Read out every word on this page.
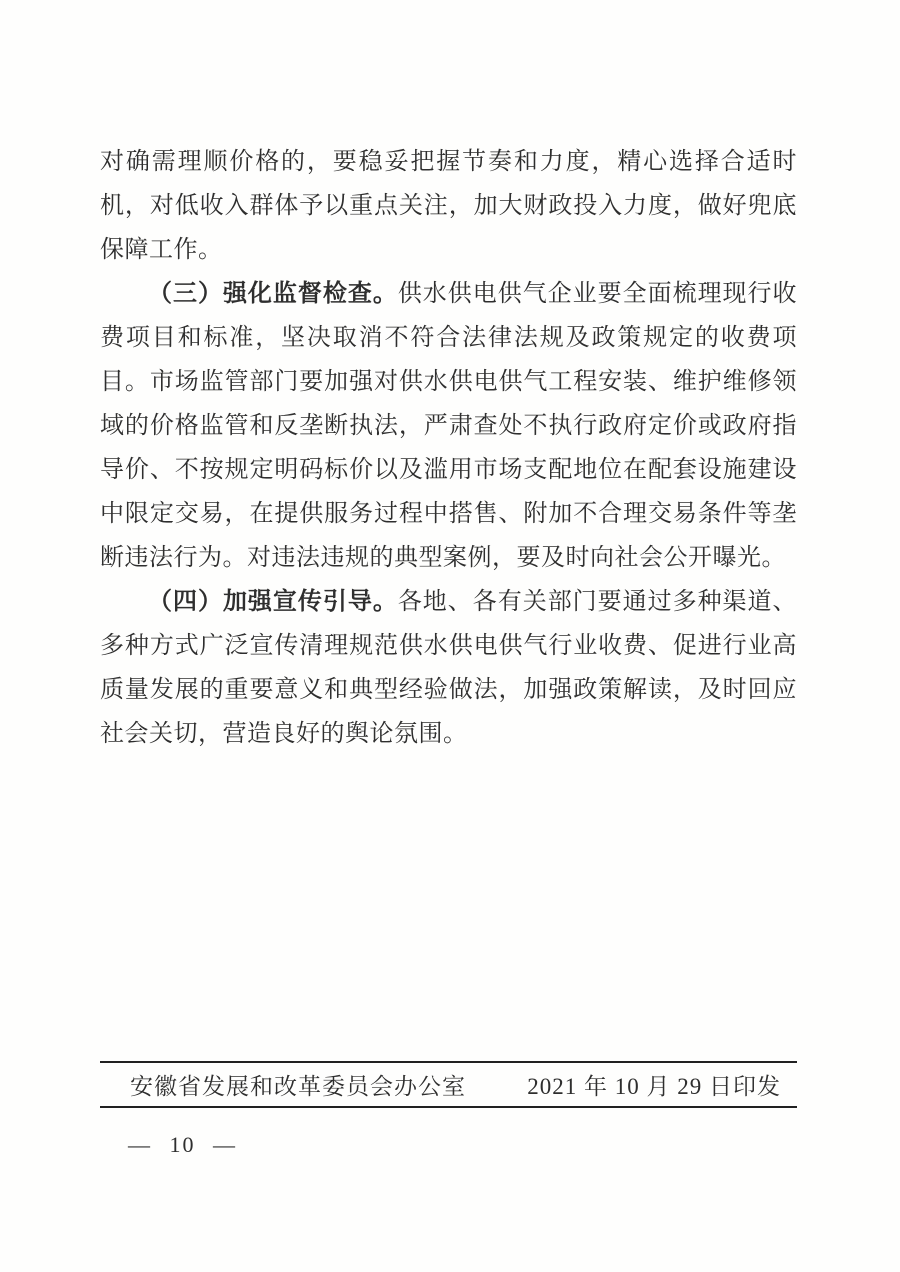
对确需理顺价格的，要稳妥把握节奏和力度，精心选择合适时机，对低收入群体予以重点关注，加大财政投入力度，做好兜底保障工作。

（三）强化监督检查。供水供电供气企业要全面梳理现行收费项目和标准，坚决取消不符合法律法规及政策规定的收费项目。市场监管部门要加强对供水供电供气工程安装、维护维修领域的价格监管和反垄断执法，严肃查处不执行政府定价或政府指导价、不按规定明码标价以及滥用市场支配地位在配套设施建设中限定交易，在提供服务过程中搭售、附加不合理交易条件等垄断违法行为。对违法违规的典型案例，要及时向社会公开曝光。

（四）加强宣传引导。各地、各有关部门要通过多种渠道、多种方式广泛宣传清理规范供水供电供气行业收费、促进行业高质量发展的重要意义和典型经验做法，加强政策解读，及时回应社会关切，营造良好的舆论氛围。

安徽省发展和改革委员会办公室	2021 年 10 月 29 日印发
— 10 —
